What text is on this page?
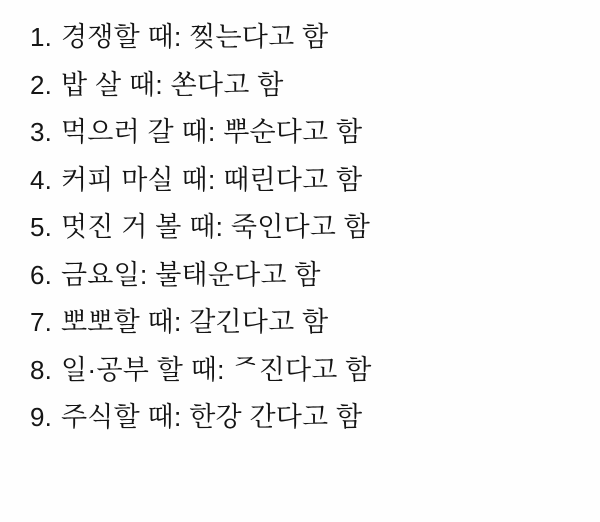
1. 경쟁할 때: 찢는다고 함
2. 밥 살 때: 쏜다고 함
3. 먹으러 갈 때: 뿌순다고 함
4. 커피 마실 때: 때린다고 함
5. 멋진 거 볼 때: 죽인다고 함
6. 금요일: 불태운다고 함
7. 뽀뽀할 때: 갈긴다고 함
8. 일·공부 할 때: ᄌ진다고 함
9. 주식할 때: 한강 간다고 함
